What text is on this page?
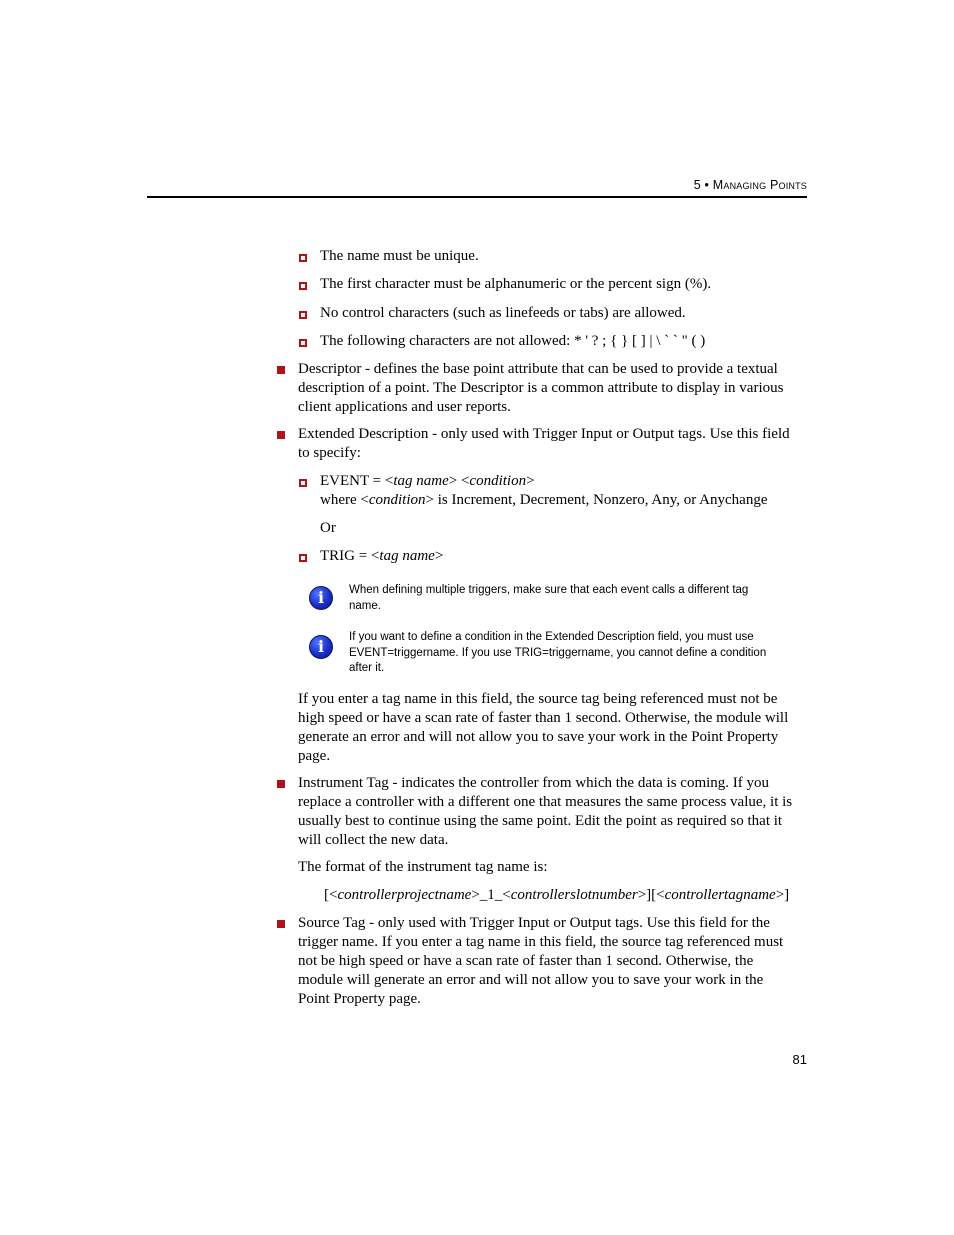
5 • Managing Points
The name must be unique.
The first character must be alphanumeric or the percent sign (%).
No control characters (such as linefeeds or tabs) are allowed.
The following characters are not allowed: * ' ? ; { } [ ] | \ ` ` " ( )
Descriptor - defines the base point attribute that can be used to provide a textual
description of a point. The Descriptor is a common attribute to display in various
client applications and user reports.
Extended Description - only used with Trigger Input or Output tags. Use this field
to specify:
EVENT = <tag name> <condition>
where <condition> is Increment, Decrement, Nonzero, Any, or Anychange
Or
TRIG = <tag name>
i	When defining multiple triggers, make sure that each event calls a different tag
name.
i	If you want to define a condition in the Extended Description field, you must use
EVENT=triggername. If you use TRIG=triggername, you cannot define a condition
after it.
If you enter a tag name in this field, the source tag being referenced must not be
high speed or have a scan rate of faster than 1 second. Otherwise, the module will
generate an error and will not allow you to save your work in the Point Property
page.
Instrument Tag - indicates the controller from which the data is coming. If you
replace a controller with a different one that measures the same process value, it is
usually best to continue using the same point. Edit the point as required so that it
will collect the new data.
The format of the instrument tag name is:
[<controllerprojectname>_1_<controllerslotnumber>][<controllertagname>]
Source Tag - only used with Trigger Input or Output tags. Use this field for the
trigger name. If you enter a tag name in this field, the source tag referenced must
not be high speed or have a scan rate of faster than 1 second. Otherwise, the
module will generate an error and will not allow you to save your work in the
Point Property page.
81
